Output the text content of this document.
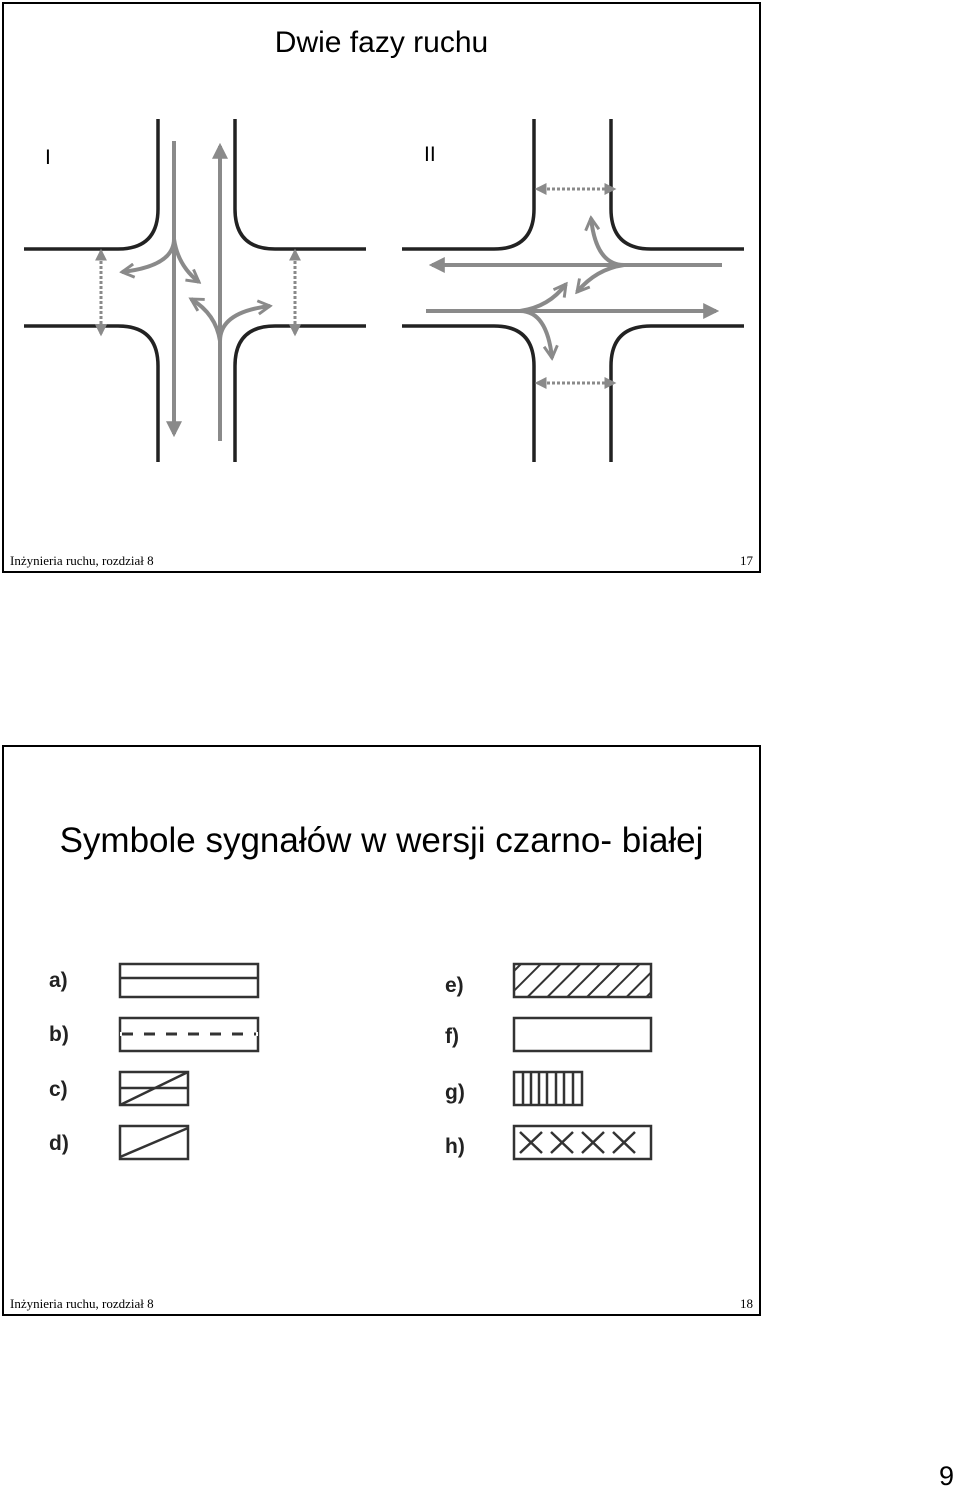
Dwie fazy ruchu
I	II
Inżynieria ruchu, rozdział 8	17
Symbole sygnałów w wersji czarno- białej
a)
b)
c)
d)
e)
f)
g)
h)
Inżynieria ruchu, rozdział 8	18
9
